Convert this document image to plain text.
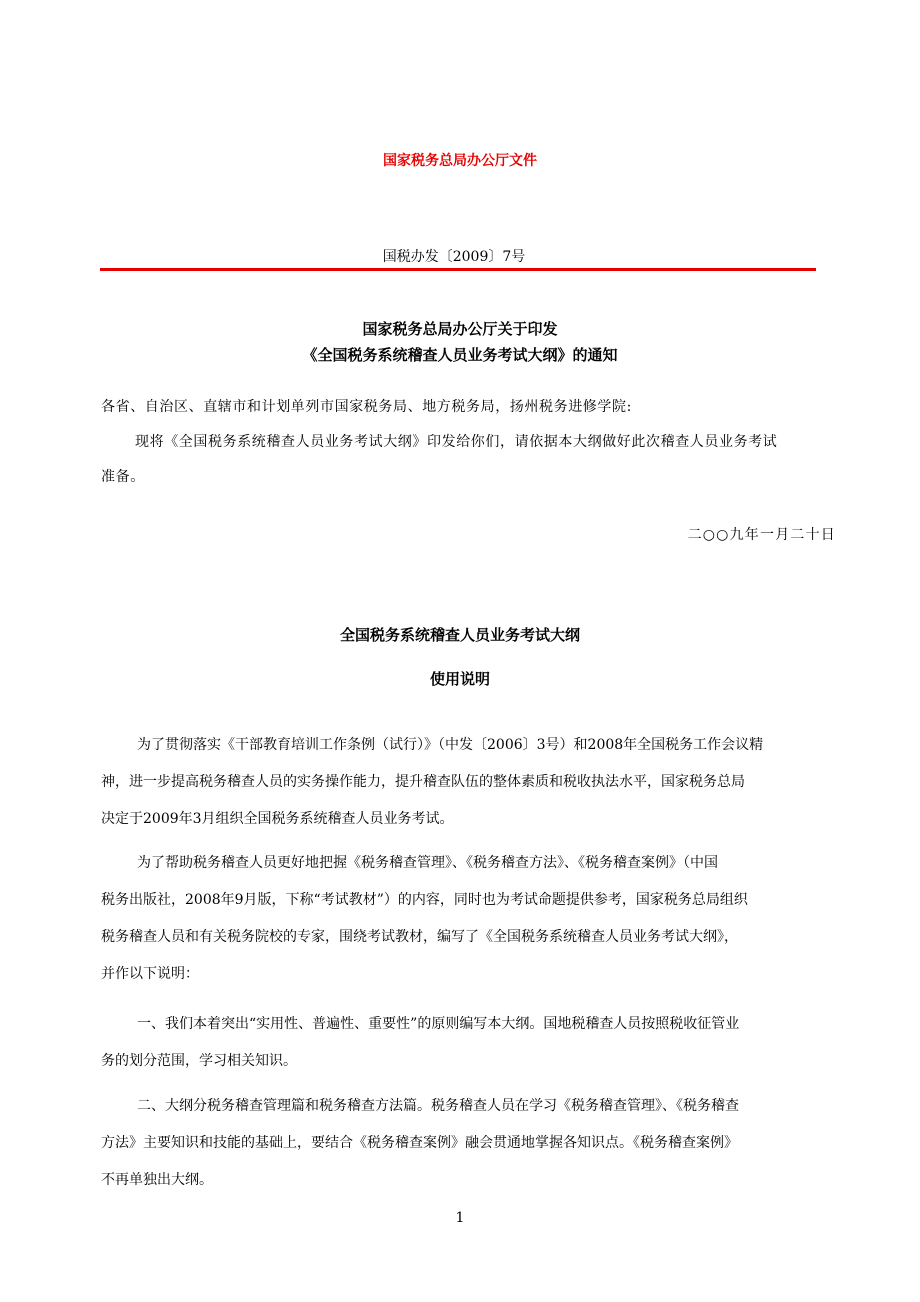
国家税务总局办公厅文件
国税办发〔2009〕7号
国家税务总局办公厅关于印发
《全国税务系统稽查人员业务考试大纲》的通知
各省、自治区、直辖市和计划单列市国家税务局、地方税务局，扬州税务进修学院:
现将《全国税务系统稽查人员业务考试大纲》印发给你们，请依据本大纲做好此次稽查人员业务考试
准备。
二○○九年一月二十日
全国税务系统稽查人员业务考试大纲
使用说明
为了贯彻落实《干部教育培训工作条例（试行）》（中发〔2006〕3号）和2008年全国税务工作会议精
神，进一步提高税务稽查人员的实务操作能力，提升稽查队伍的整体素质和税收执法水平，国家税务总局
决定于2009年3月组织全国税务系统稽查人员业务考试。
为了帮助税务稽查人员更好地把握《税务稽查管理》、《税务稽查方法》、《税务稽查案例》（中国
税务出版社，2008年9月版，下称“考试教材”）的内容，同时也为考试命题提供参考，国家税务总局组织
税务稽查人员和有关税务院校的专家，围绕考试教材，编写了《全国税务系统稽查人员业务考试大纲》，
并作以下说明：
一、我们本着突出“实用性、普遍性、重要性”的原则编写本大纲。国地税稽查人员按照税收征管业
务的划分范围，学习相关知识。
二、大纲分税务稽查管理篇和税务稽查方法篇。税务稽查人员在学习《税务稽查管理》、《税务稽查
方法》主要知识和技能的基础上，要结合《税务稽查案例》融会贯通地掌握各知识点。《税务稽查案例》
不再单独出大纲。
1
